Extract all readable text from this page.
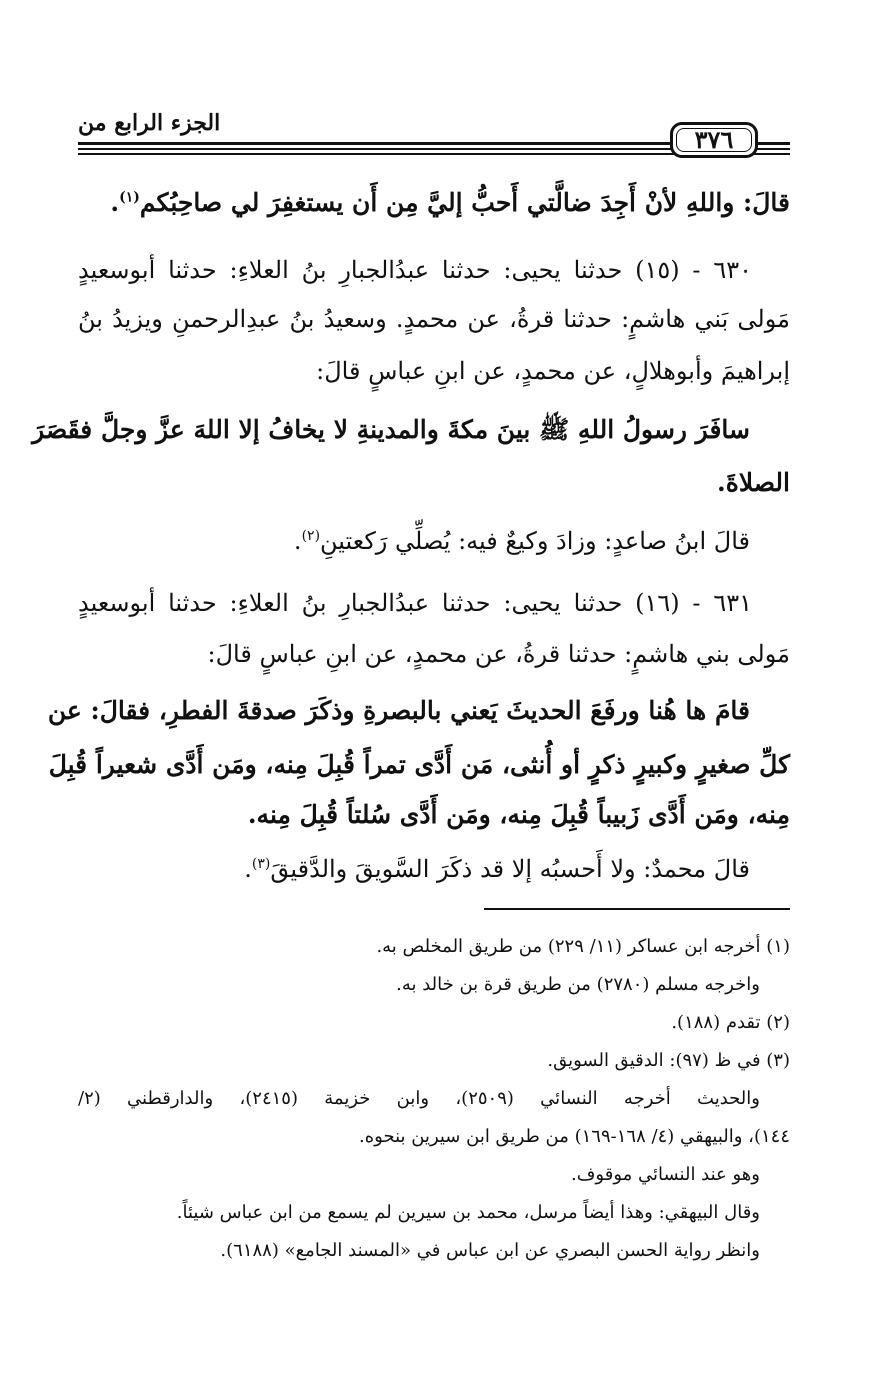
الجزء الرابع من
٣٧٦
قالَ: واللهِ لأنْ أَجِدَ ضالَّتي أَحبُّ إليَّ مِن أَن يستغفِرَ لي صاحِبُكم$^{(١)}$.
٦٣٠ - (١٥) حدثنا يحيى: حدثنا عبدُالجبارِ بنُ العلاءِ: حدثنا أبوسعيدٍ
مَولى بَني هاشمٍ: حدثنا قرةُ، عن محمدٍ. وسعيدُ بنُ عبدِالرحمنِ ويزيدُ بنُ
إبراهيمَ وأبوهلالٍ، عن محمدٍ، عن ابنِ عباسٍ قالَ:
سافَرَ رسولُ اللهِ ﷺ بينَ مكةَ والمدينةِ لا يخافُ إلا اللهَ عزَّ وجلَّ فقَصَرَ
الصلاةَ.
قالَ ابنُ صاعدٍ: وزادَ وكيعٌ فيه: يُصلِّي رَكعتينِ$^{(٢)}$.
٦٣١ - (١٦) حدثنا يحيى: حدثنا عبدُالجبارِ بنُ العلاءِ: حدثنا أبوسعيدٍ
مَولى بني هاشمٍ: حدثنا قرةُ، عن محمدٍ، عن ابنِ عباسٍ قالَ:
قامَ ها هُنا ورفَعَ الحديثَ يَعني بالبصرةِ وذكَرَ صدقةَ الفطرِ، فقالَ: عن
كلِّ صغيرٍ وكبيرٍ ذكرٍ أو أُنثى، مَن أَدَّى تمراً قُبِلَ مِنه، ومَن أَدَّى شعيراً قُبِلَ
مِنه، ومَن أَدَّى زَبيباً قُبِلَ مِنه، ومَن أَدَّى سُلتاً قُبِلَ مِنه.
قالَ محمدٌ: ولا أَحسبُه إلا قد ذكَرَ السَّويقَ والدَّقيقَ$^{(٣)}$.
(١) أخرجه ابن عساكر (١١/ ٢٢٩) من طريق المخلص به.
واخرجه مسلم (٢٧٨٠) من طريق قرة بن خالد به.
(٢) تقدم (١٨٨).
(٣) في ظ (٩٧): الدقيق السويق.
والحديث أخرجه النسائي (٢٥٠٩)، وابن خزيمة (٢٤١٥)، والدارقطني (٢/
١٤٤)، والبيهقي (٤/ ١٦٨-١٦٩) من طريق ابن سيرين بنحوه.
وهو عند النسائي موقوف.
وقال البيهقي: وهذا أيضاً مرسل، محمد بن سيرين لم يسمع من ابن عباس شيئاً.
وانظر رواية الحسن البصري عن ابن عباس في «المسند الجامع» (٦١٨٨).
